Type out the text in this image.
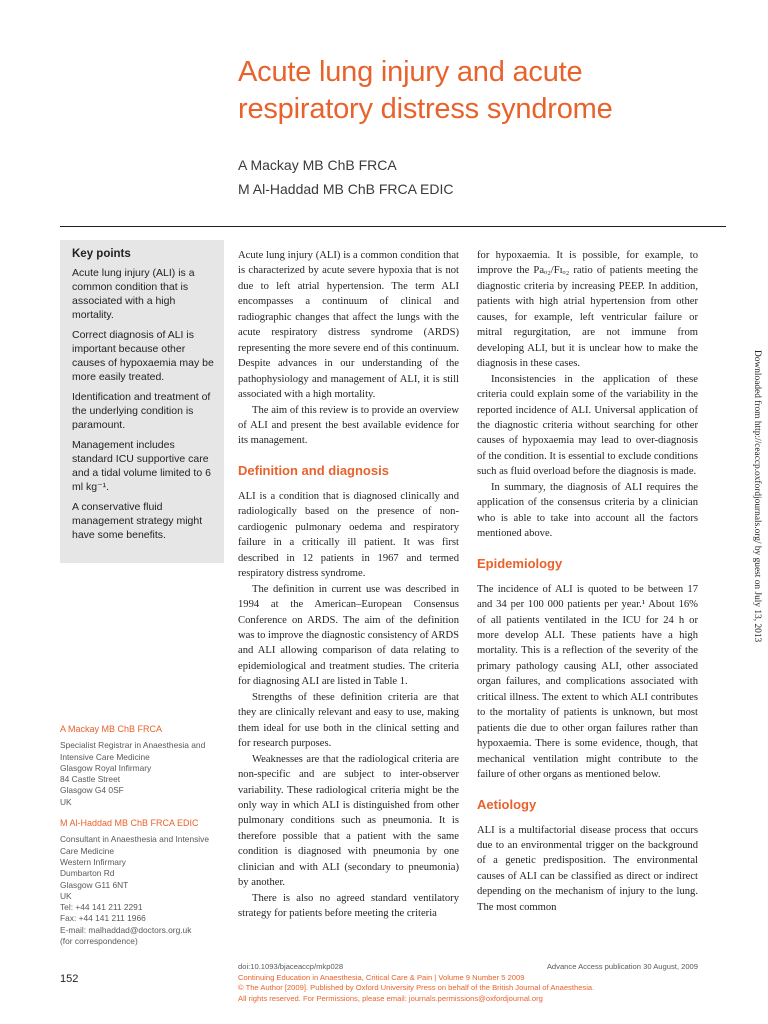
Acute lung injury and acute respiratory distress syndrome
A Mackay MB ChB FRCA
M Al-Haddad MB ChB FRCA EDIC
Key points
Acute lung injury (ALI) is a common condition that is associated with a high mortality.
Correct diagnosis of ALI is important because other causes of hypoxaemia may be more easily treated.
Identification and treatment of the underlying condition is paramount.
Management includes standard ICU supportive care and a tidal volume limited to 6 ml kg⁻¹.
A conservative fluid management strategy might have some benefits.
A Mackay MB ChB FRCA
Specialist Registrar in Anaesthesia and
Intensive Care Medicine
Glasgow Royal Infirmary
84 Castle Street
Glasgow G4 0SF
UK
M Al-Haddad MB ChB FRCA EDIC
Consultant in Anaesthesia and Intensive
Care Medicine
Western Infirmary
Dumbarton Rd
Glasgow G11 6NT
UK
Tel: +44 141 211 2291
Fax: +44 141 211 1966
E-mail: malhaddad@doctors.org.uk
(for correspondence)

Acute lung injury (ALI) is a common condition that is characterized by acute severe hypoxia that is not due to left atrial hypertension. The term ALI encompasses a continuum of clinical and radiographic changes that affect the lungs with the acute respiratory distress syndrome (ARDS) representing the more severe end of this continuum. Despite advances in our understanding of the pathophysiology and management of ALI, it is still associated with a high mortality.

The aim of this review is to provide an overview of ALI and present the best available evidence for its management.

Definition and diagnosis

ALI is a condition that is diagnosed clinically and radiologically based on the presence of non-cardiogenic pulmonary oedema and respiratory failure in a critically ill patient. It was first described in 12 patients in 1967 and termed respiratory distress syndrome.

The definition in current use was described in 1994 at the American–European Consensus Conference on ARDS. The aim of the definition was to improve the diagnostic consistency of ARDS and ALI allowing comparison of data relating to epidemiological and treatment studies. The criteria for diagnosing ALI are listed in Table 1.

Strengths of these definition criteria are that they are clinically relevant and easy to use, making them ideal for use both in the clinical setting and for research purposes.

Weaknesses are that the radiological criteria are non-specific and are subject to inter-observer variability. These radiological criteria might be the only way in which ALI is distinguished from other pulmonary conditions such as pneumonia. It is therefore possible that a patient with the same condition is diagnosed with pneumonia by one clinician and with ALI (secondary to pneumonia) by another.

There is also no agreed standard ventilatory strategy for patients before meeting the criteria

for hypoxaemia. It is possible, for example, to improve the Paₒ₂/Fɪₒ₂ ratio of patients meeting the diagnostic criteria by increasing PEEP. In addition, patients with high atrial hypertension from other causes, for example, left ventricular failure or mitral regurgitation, are not immune from developing ALI, but it is unclear how to make the diagnosis in these cases.

Inconsistencies in the application of these criteria could explain some of the variability in the reported incidence of ALI. Universal application of the diagnostic criteria without searching for other causes of hypoxaemia may lead to over-diagnosis of the condition. It is essential to exclude conditions such as fluid overload before the diagnosis is made.

In summary, the diagnosis of ALI requires the application of the consensus criteria by a clinician who is able to take into account all the factors mentioned above.

Epidemiology

The incidence of ALI is quoted to be between 17 and 34 per 100 000 patients per year.¹ About 16% of all patients ventilated in the ICU for 24 h or more develop ALI. These patients have a high mortality. This is a reflection of the severity of the primary pathology causing ALI, other associated organ failures, and complications associated with critical illness. The extent to which ALI contributes to the mortality of patients is unknown, but most patients die due to other organ failures rather than hypoxaemia. There is some evidence, though, that mechanical ventilation might contribute to the failure of other organs as mentioned below.

Aetiology

ALI is a multifactorial disease process that occurs due to an environmental trigger on the background of a genetic predisposition. The environmental causes of ALI can be classified as direct or indirect depending on the mechanism of injury to the lung. The most common

152
doi:10.1093/bjaceaccp/mkp028	Advance Access publication 30 August, 2009
Continuing Education in Anaesthesia, Critical Care & Pain | Volume 9 Number 5 2009
© The Author [2009]. Published by Oxford University Press on behalf of the British Journal of Anaesthesia.
All rights reserved. For Permissions, please email: journals.permissions@oxfordjournal.org
Downloaded from http://ceaccp.oxfordjournals.org/ by guest on July 13, 2013
